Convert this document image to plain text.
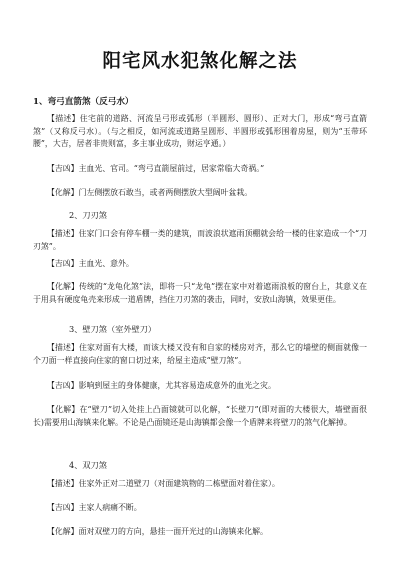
阳宅风水犯煞化解之法
1、弯弓直箭煞（反弓水）

【描述】住宅前的道路、河流呈弓形或弧形（半圆形、圆形）、正对大门，形成“弯弓直箭煞”（又称反弓水）。（与之相反，如河流或道路呈圆形、半圆形或弧形围着房屋，则为“玉带环腰”，大吉，居者非贵则富，多主事业成功，财运亨通。）

【吉凶】主血光、官司。“弯弓直箭屋前过，居家常临大奇祸。”

【化解】门左侧摆放石敢当，或者两侧摆放大型阔叶盆栽。

2、刀刃煞

【描述】住家门口会有停车棚一类的建筑，而波浪状遮雨顶棚就会给一楼的住家造成一个“刀刃煞”。

【吉凶】主血光、意外。

【化解】传统的“龙龟化煞”法，即将一只“龙龟”摆在家中对着遮雨浪板的窗台上，其意义在于用具有硬度龟壳来形成一道盾牌，挡住刀刃煞的袭击，同时，安放山海镇，效果更佳。

3、壁刀煞（室外壁刀）

【描述】住家对面有大楼，而该大楼又没有和自家的楼房对齐，那么它的墙壁的侧面就像一个刀面一样直接向住家的窗口切过来，给屋主造成“壁刀煞”。

【吉凶】影响到屋主的身体健康，尤其容易造成意外的血光之灾。

【化解】在“壁刀”切入处挂上凸面镜就可以化解，“长壁刀”(即对面的大楼很大，墙壁面很长)需要用山海镇来化解。不论是凸面镜还是山海镇都会像一个盾牌来将壁刀的煞气化解掉。

4、双刀煞

【描述】住家外正对二道壁刀（对面建筑物的二栋壁面对着住家）。

【吉凶】主家人病痛不断。

【化解】面对双壁刀的方向，悬挂一面开光过的山海镇来化解。
